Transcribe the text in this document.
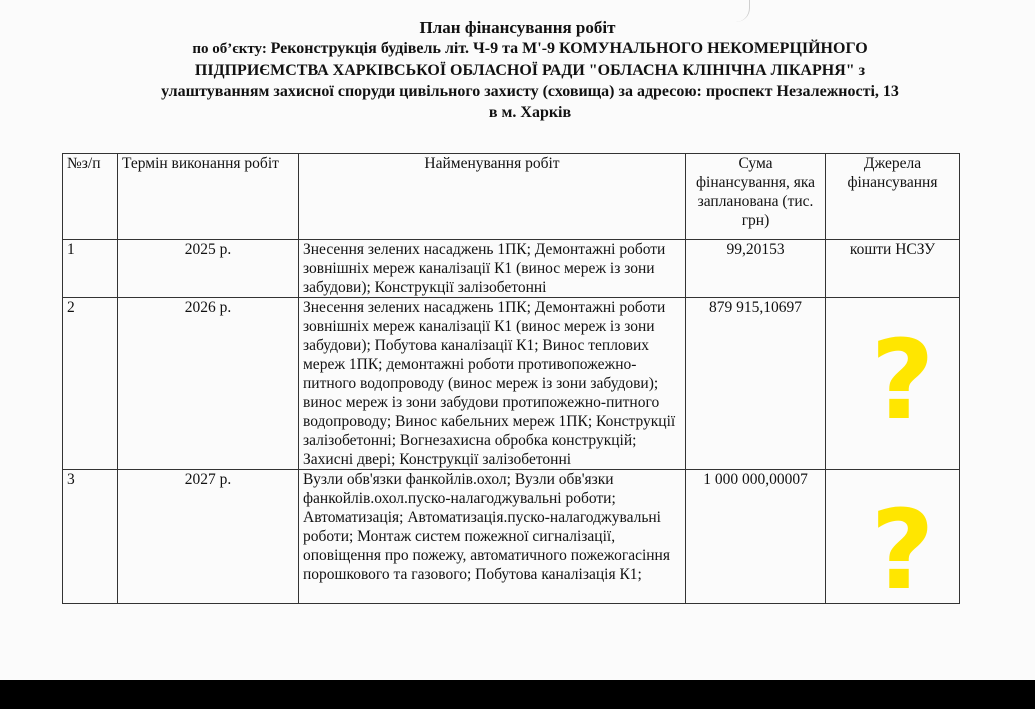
План фінансування робіт
по об’єкту: Реконструкція будівель літ. Ч-9 та М'-9 КОМУНАЛЬНОГО НЕКОМЕРЦІЙНОГО
ПІДПРИЄМСТВА ХАРКІВСЬКОЇ ОБЛАСНОЇ РАДИ "ОБЛАСНА КЛІНІЧНА ЛІКАРНЯ" з
улаштуванням захисної споруди цивільного захисту (сховища) за адресою: проспект Незалежності, 13
в м. Харків
№з/п	Термін виконання робіт	Найменування робіт	Сума фінансування, яка запланована (тис. грн)	Джерела фінансування
1	2025 р.	Знесення зелених насаджень 1ПК; Демонтажні роботи зовнішніх мереж каналізації К1 (винос мереж із зони забудови); Конструкції залізобетонні	99,20153	кошти НСЗУ
2	2026 р.	Знесення зелених насаджень 1ПК; Демонтажні роботи зовнішніх мереж каналізації К1 (винос мереж із зони забудови); Побутова каналізації К1; Винос теплових мереж 1ПК; демонтажні роботи противопожежно-питного водопроводу (винос мереж із зони забудови); винос мереж із зони забудови протипожежно-питного водопроводу; Винос кабельних мереж 1ПК; Конструкції залізобетонні; Вогнезахисна обробка конструкцій; Захисні двері; Конструкції залізобетонні	879 915,10697	?

3	2027 р.	Вузли обв'язки фанкойлів.охол; Вузли обв'язки фанкойлів.охол.пуско-налагоджувальні роботи; Автоматизація; Автоматизація.пуско-налагоджувальні роботи; Монтаж систем пожежної сигналізації, оповіщення про пожежу, автоматичного пожежогасіння порошкового та газового; Побутова каналізація К1;	1 000 000,00007	?
